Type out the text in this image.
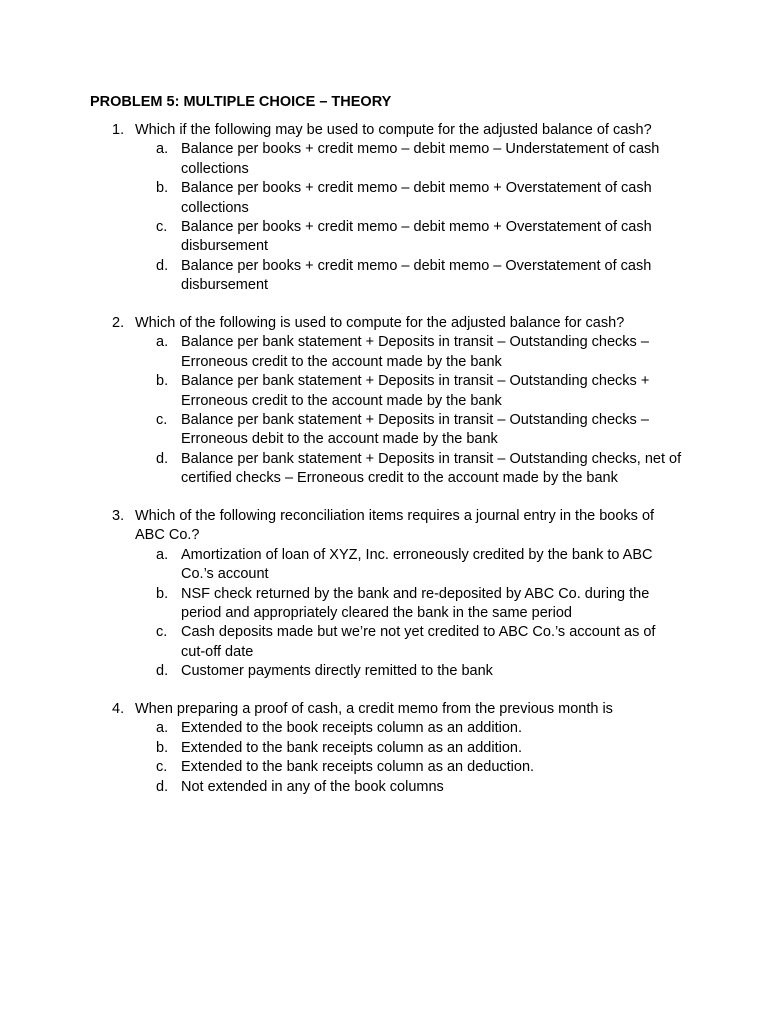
PROBLEM 5: MULTIPLE CHOICE – THEORY
1. Which if the following may be used to compute for the adjusted balance of cash?
a. Balance per books + credit memo – debit memo – Understatement of cash collections
b. Balance per books + credit memo – debit memo + Overstatement of cash collections
c. Balance per books + credit memo – debit memo + Overstatement of cash disbursement
d. Balance per books + credit memo – debit memo – Overstatement of cash disbursement
2. Which of the following is used to compute for the adjusted balance for cash?
a. Balance per bank statement + Deposits in transit – Outstanding checks – Erroneous credit to the account made by the bank
b. Balance per bank statement + Deposits in transit – Outstanding checks + Erroneous credit to the account made by the bank
c. Balance per bank statement + Deposits in transit – Outstanding checks – Erroneous debit to the account made by the bank
d. Balance per bank statement + Deposits in transit – Outstanding checks, net of certified checks – Erroneous credit to the account made by the bank
3. Which of the following reconciliation items requires a journal entry in the books of ABC Co.?
a. Amortization of loan of XYZ, Inc. erroneously credited by the bank to ABC Co.’s account
b. NSF check returned by the bank and re-deposited by ABC Co. during the period and appropriately cleared the bank in the same period
c. Cash deposits made but we’re not yet credited to ABC Co.’s account as of cut-off date
d. Customer payments directly remitted to the bank
4. When preparing a proof of cash, a credit memo from the previous month is
a. Extended to the book receipts column as an addition.
b. Extended to the bank receipts column as an addition.
c. Extended to the bank receipts column as an deduction.
d. Not extended in any of the book columns
